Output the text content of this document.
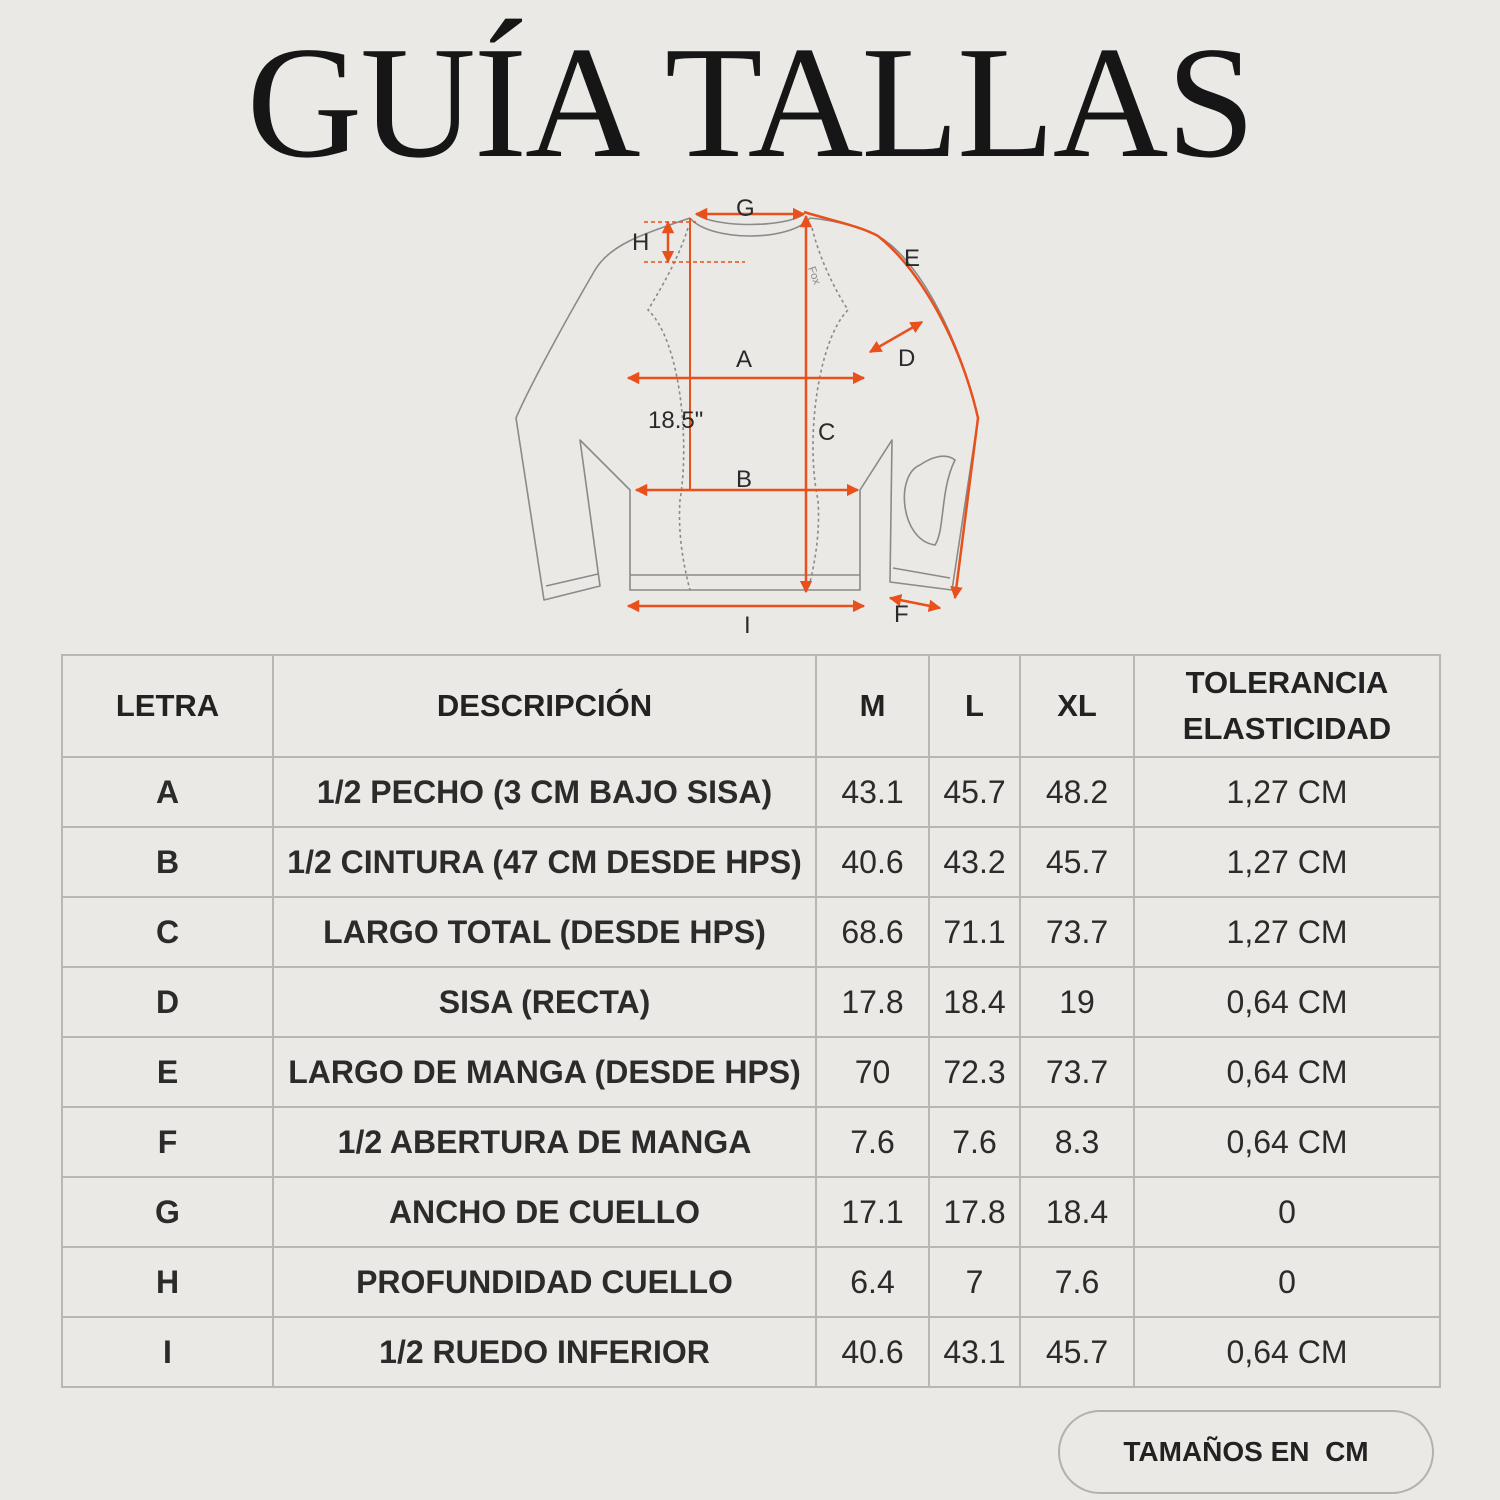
GUÍA TALLAS
Fox
G
H
E
D
A
18.5"	C
B
F
I
LETRA	DESCRIPCIÓN	M	L	XL	TOLERANCIA
ELASTICIDAD
A	1/2 PECHO (3 CM BAJO SISA)	43.1	45.7	48.2	1,27 CM
B	1/2 CINTURA (47 CM DESDE HPS)	40.6	43.2	45.7	1,27 CM
C	LARGO TOTAL (DESDE HPS)	68.6	71.1	73.7	1,27 CM
D	SISA (RECTA)	17.8	18.4	19	0,64 CM
E	LARGO DE MANGA (DESDE HPS)	70	72.3	73.7	0,64 CM
F	1/2 ABERTURA DE MANGA	7.6	7.6	8.3	0,64 CM
G	ANCHO DE CUELLO	17.1	17.8	18.4	0
H	PROFUNDIDAD CUELLO	6.4	7	7.6	0
I	1/2 RUEDO INFERIOR	40.6	43.1	45.7	0,64 CM
TAMAÑOS EN  CM
